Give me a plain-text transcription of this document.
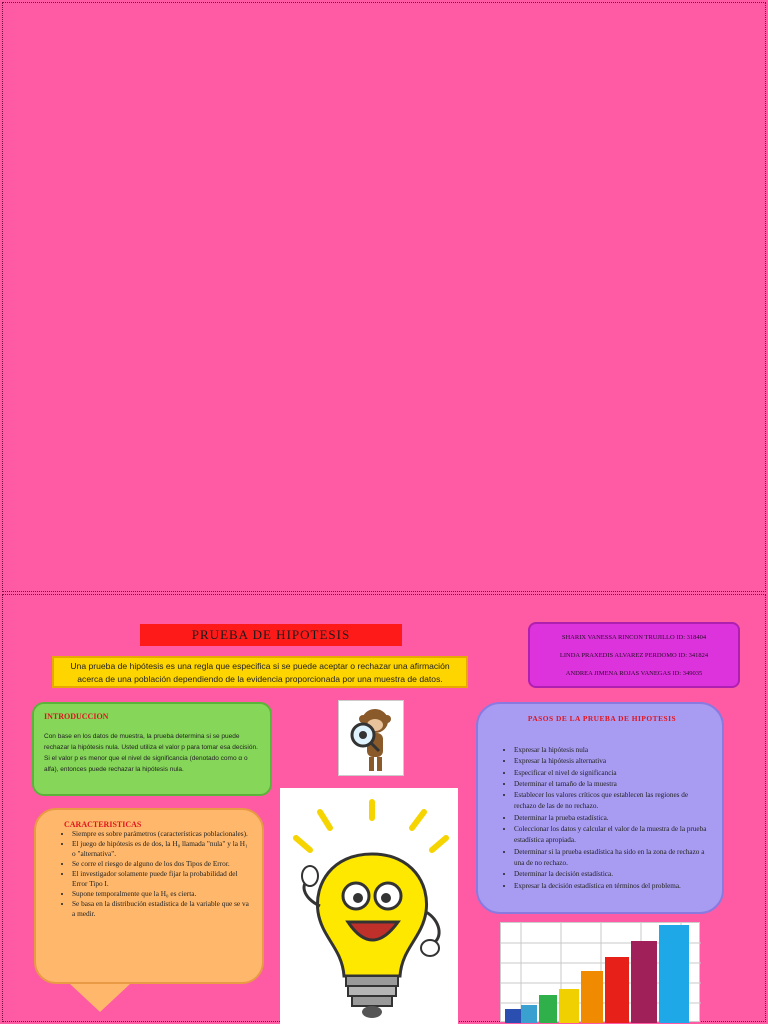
PRUEBA DE HIPOTESIS
Una prueba de hipótesis es una regla que especifica si se puede aceptar o rechazar una afirmación
acerca de una población dependiendo de la evidencia proporcionada por una muestra de datos.
SHARIX VANESSA RINCON TRUJILLO ID: 318404
LINDA PRAXEDIS ALVAREZ PERDOMO ID: 341824
ANDREA JIMENA ROJAS VANEGAS ID: 349035
INTRODUCCION

Con base en los datos de muestra, la prueba determina si se puede rechazar la hipótesis nula. Usted utiliza el valor p para tomar esa decisión. Si el valor p es menor que el nivel de significancia (denotado como α o alfa), entonces puede rechazar la hipótesis nula.

CARACTERISTICAS
• Siempre es sobre parámetros (características poblacionales).
• El juego de hipótesis es de dos, la H₀ llamada "nula" y la H₁ o "alternativa".
• Se corre el riesgo de alguno de los dos Tipos de Error.
• El investigador solamente puede fijar la probabilidad del Error Tipo I.
• Supone temporalmente que la H₀ es cierta.
• Se basa en la distribución estadística de la variable que se va a medir.
PASOS DE LA PRUEBA DE HIPOTESIS
• Expresar la hipótesis nula
• Expresar la hipótesis alternativa
• Especificar el nivel de significancia
• Determinar el tamaño de la muestra
• Establecer los valores críticos que establecen las regiones de rechazo de las de no rechazo.
• Determinar la prueba estadística.
• Coleccionar los datos y calcular el valor de la muestra de la prueba estadística apropiada.
• Determinar si la prueba estadística ha sido en la zona de rechazo a una de no rechazo.
• Determinar la decisión estadística.
• Expresar la decisión estadística en términos del problema.
